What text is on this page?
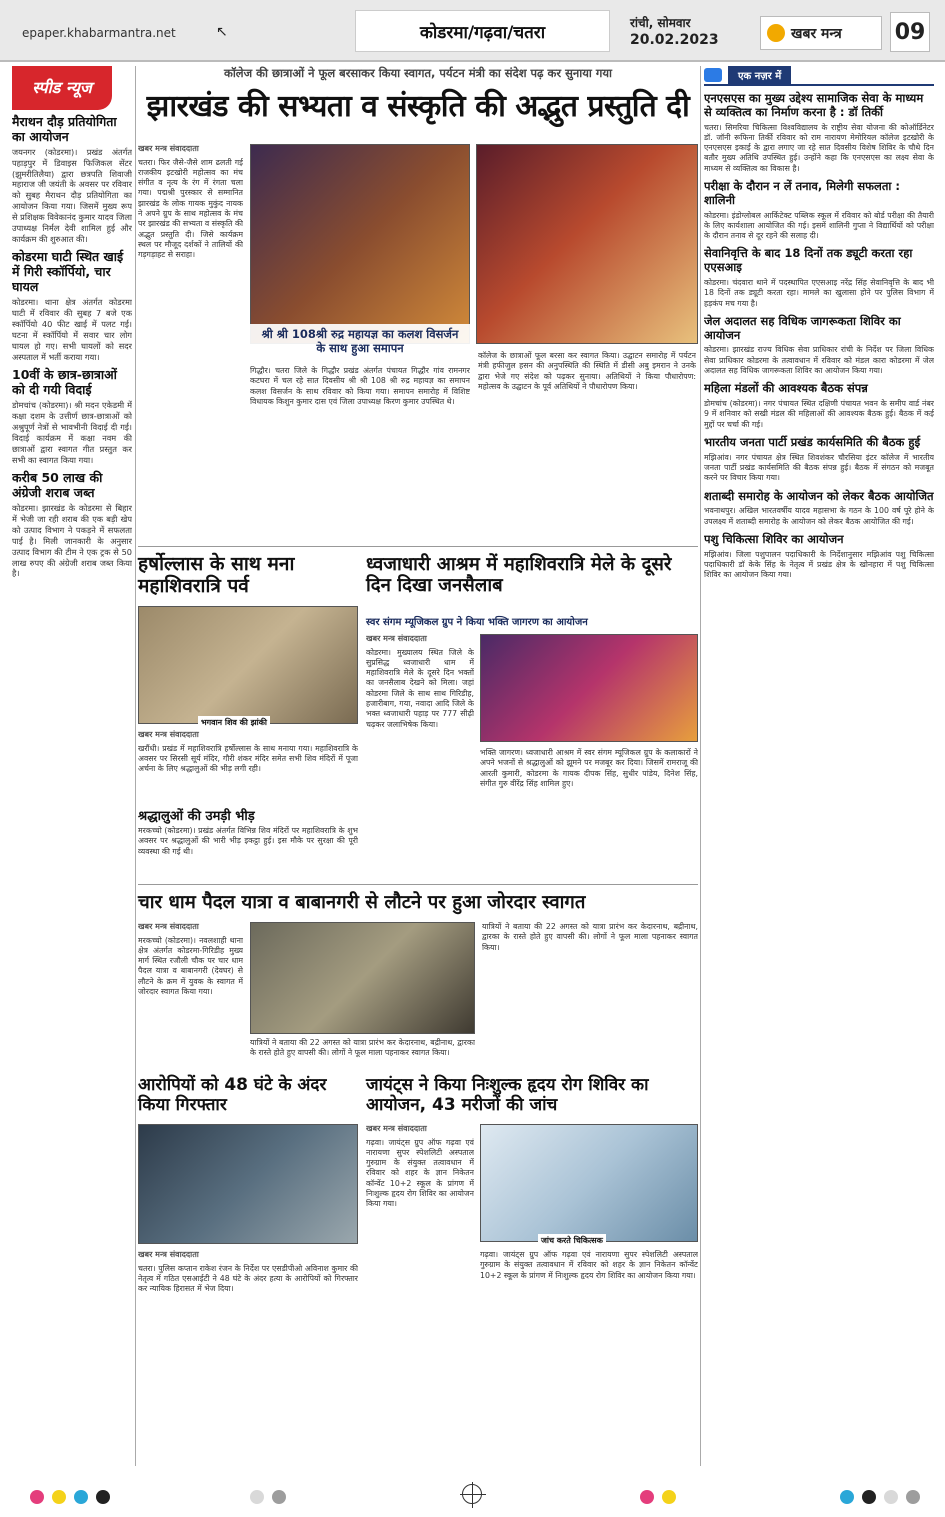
epaper.khabarmantra.net	↖	कोडरमा/गढ़वा/चतरा	रांची, सोमवार
20.02.2023	खबर मन्त्र 09
स्पीड न्यूज
मैराथन दौड़ प्रतियोगिता का आयोजन
जयनगर (कोडरमा)। प्रखंड अंतर्गत पहाड़पुर में डिवाइस फिजिकल सेंटर (झुमरीतिलैया) द्वारा छत्रपति शिवाजी महाराज जी जयंती के अवसर पर रविवार को सुबह मैराथन दौड़ प्रतियोगिता का आयोजन किया गया। जिसमें मुख्य रूप से प्रशिक्षक विवेकानंद कुमार यादव जिला उपाध्यक्ष निर्मल देवी शामिल हुई और कार्यक्रम की शुरुआत की।
कोडरमा घाटी स्थित खाई में गिरी स्कॉर्पियो, चार घायल
कोडरमा। थाना क्षेत्र अंतर्गत कोडरमा घाटी में रविवार की सुबह 7 बजे एक स्कॉर्पियो 40 फीट खाई में पलट गई। घटना में स्कॉर्पियो में सवार चार लोग घायल हो गए। सभी घायलों को सदर अस्पताल में भर्ती कराया गया।
10वीं के छात्र-छात्राओं को दी गयी विदाई
डोमचांच (कोडरमा)। श्री मदन एकेडमी में कक्षा दशम के उत्तीर्ण छात्र-छात्राओं को अश्रुपूर्ण नेत्रों से भावभीनी विदाई दी गई। विदाई कार्यक्रम में कक्षा नवम की छात्राओं द्वारा स्वागत गीत प्रस्तुत कर सभी का स्वागत किया गया।
करीब 50 लाख की अंग्रेजी शराब जब्त
कोडरमा। झारखंड के कोडरमा से बिहार में भेजी जा रही शराब की एक बड़ी खेप को उत्पाद विभाग ने पकड़ने में सफलता पाई है। मिली जानकारी के अनुसार उत्पाद विभाग की टीम ने एक ट्रक से 50 लाख रुपए की अंग्रेजी शराब जब्त किया है।
कॉलेज की छात्राओं ने फूल बरसाकर किया स्वागत, पर्यटन मंत्री का संदेश पढ़ कर सुनाया गया
झारखंड की सभ्यता व संस्कृति की अद्भुत प्रस्तुति दी
खबर मन्त्र संवाददाता
चतरा। फिर जैसे-जैसे शाम ढलती गई राजकीय इटखोरी महोत्सव का मंच संगीत व नृत्य के रंग में रंगता चला गया। पद्मश्री पुरस्कार से सम्मानित झारखंड के लोक गायक मुकुंद नायक ने अपने ग्रुप के साथ महोत्सव के मंच पर झारखंड की सभ्यता व संस्कृति की अद्भुत प्रस्तुति दी। जिसे कार्यक्रम स्थल पर मौजूद दर्शकों ने तालियों की गड़गड़ाहट से सराहा।
श्री श्री 108श्री रुद्र महायज्ञ का कलश विसर्जन के साथ हुआ समापन
गिद्धौर। चतरा जिले के गिद्धौर प्रखंड अंतर्गत पंचायत गिद्धौर गांव रामनगर कटघरा में चल रहे सात दिवसीय श्री श्री 108 श्री रुद्र महायज्ञ का समापन कलश विसर्जन के साथ रविवार को किया गया। समापन समारोह में विशिष्ट विधायक किशुन कुमार दास एवं जिला उपाध्यक्ष किरण कुमार उपस्थित थे।
कॉलेज के छात्राओं फूल बरसा कर स्वागत किया। उद्घाटन समारोह में पर्यटन मंत्री हफीजुल हसन की अनुपस्थिति की स्थिति में डीसी अबु इमरान ने उनके द्वारा भेजे गए संदेश को पढ़कर सुनाया। अतिथियों ने किया पौधारोपण: महोत्सव के उद्घाटन के पूर्व अतिथियों ने पौधारोपण किया।
हर्षोल्लास के साथ मना महाशिवरात्रि पर्व
भगवान शिव की झांकी
खबर मन्त्र संवाददाता
खरौंधी। प्रखंड में महाशिवरात्रि हर्षोल्लास के साथ मनाया गया। महाशिवरात्रि के अवसर पर सिरसी सूर्य मंदिर, गौरी शंकर मंदिर समेत सभी शिव मंदिरों में पूजा अर्चना के लिए श्रद्धालुओं की भीड़ लगी रही।
श्रद्धालुओं की उमड़ी भीड़
मरकच्चो (कोडरमा)। प्रखंड अंतर्गत विभिन्न शिव मंदिरों पर महाशिवरात्रि के शुभ अवसर पर श्रद्धालुओं की भारी भीड़ इकट्ठा हुई। इस मौके पर सुरक्षा की पूरी व्यवस्था की गई थी।
ध्वजाधारी आश्रम में महाशिवरात्रि मेले के दूसरे दिन दिखा जनसैलाब
स्वर संगम म्यूजिकल ग्रुप ने किया भक्ति जागरण का आयोजन
खबर मन्त्र संवाददाता
कोडरमा। मुख्यालय स्थित जिले के सुप्रसिद्ध ध्वजाधारी धाम में महाशिवरात्रि मेले के दूसरे दिन भक्तों का जनसैलाब देखने को मिला। जहां कोडरमा जिले के साथ साथ गिरिडीह, हजारीबाग, गया, नवादा आदि जिले के भक्त ध्वजाधारी पहाड़ पर 777 सीढ़ी चढ़कर जलाभिषेक किया।
भक्ति जागरण। ध्वजाधारी आश्रम में स्वर संगम म्यूजिकल ग्रुप के कलाकारों ने अपने भजनों से श्रद्धालुओं को झूमने पर मजबूर कर दिया। जिसमें रामराजू की आरती कुमारी, कोडरमा के गायक दीपक सिंह, सुधीर पांडेय, दिनेश सिंह, संगीत गुरु वीरेंद्र सिंह शामिल हुए।
चार धाम पैदल यात्रा व बाबानगरी से लौटने पर हुआ जोरदार स्वागत
खबर मन्त्र संवाददाता
मरकच्चो (कोडरमा)। नवलशाही थाना क्षेत्र अंतर्गत कोडरमा-गिरिडीह मुख्य मार्ग स्थित रजौली चौक पर चार धाम पैदल यात्रा व बाबानगरी (देवघर) से लौटने के क्रम में युवक के स्वागत में जोरदार स्वागत किया गया।
यात्रियों ने बताया की 22 अगस्त को यात्रा प्रारंभ कर केदारनाथ, बद्रीनाथ, द्वारका के रास्ते होते हुए वापसी की। लोगों ने फूल माला पहनाकर स्वागत किया।
यात्रियों ने बताया की 22 अगस्त को यात्रा प्रारंभ कर केदारनाथ, बद्रीनाथ, द्वारका के रास्ते होते हुए वापसी की। लोगों ने फूल माला पहनाकर स्वागत किया।
आरोपियों को 48 घंटे के अंदर किया गिरफ्तार
खबर मन्त्र संवाददाता
चतरा। पुलिस कप्तान राकेश रंजन के निर्देश पर एसडीपीओ अविनाश कुमार की नेतृत्व में गठित एसआईटी ने 48 घंटे के अंदर हत्या के आरोपियों को गिरफ्तार कर न्यायिक हिरासत में भेज दिया।
जायंट्स ने किया निःशुल्क हृदय रोग शिविर का आयोजन, 43 मरीजों की जांच
खबर मन्त्र संवाददाता
गढ़वा। जायंट्स ग्रुप ऑफ गढ़वा एवं नारायणा सुपर स्पेशलिटी अस्पताल गुरुग्राम के संयुक्त तत्वावधान में रविवार को शहर के ज्ञान निकेतन कॉन्वेंट 10+2 स्कूल के प्रांगण में निःशुल्क हृदय रोग शिविर का आयोजन किया गया।
जांच करते चिकित्सक
गढ़वा। जायंट्स ग्रुप ऑफ गढ़वा एवं नारायणा सुपर स्पेशलिटी अस्पताल गुरुग्राम के संयुक्त तत्वावधान में रविवार को शहर के ज्ञान निकेतन कॉन्वेंट 10+2 स्कूल के प्रांगण में निःशुल्क हृदय रोग शिविर का आयोजन किया गया।
एक नज़र में
एनएसएस का मुख्य उद्देश्य सामाजिक सेवा के माध्यम से व्यक्तित्व का निर्माण करना है : डॉ तिर्की
चतरा। सिमरिया चिकित्सा विश्वविद्यालय के राष्ट्रीय सेवा योजना की कोऑर्डिनेटर डॉ. जॉनी रूफिना तिर्की रविवार को राम नारायण मेमोरियल कॉलेज इटखोरी के एनएसएस इकाई के द्वारा लगाए जा रहे सात दिवसीय विशेष शिविर के चौथे दिन बतौर मुख्य अतिथि उपस्थित हुई। उन्होंने कहा कि एनएसएस का लक्ष्य सेवा के माध्यम से व्यक्तित्व का विकास है।
परीक्षा के दौरान न लें तनाव, मिलेगी सफलता : शालिनी
कोडरमा। इंडोग्लोबल आर्किटेक्ट पब्लिक स्कूल में रविवार को बोर्ड परीक्षा की तैयारी के लिए कार्यशाला आयोजित की गई। इसमें शालिनी गुप्ता ने विद्यार्थियों को परीक्षा के दौरान तनाव से दूर रहने की सलाह दी।
सेवानिवृत्ति के बाद 18 दिनों तक ड्यूटी करता रहा एएसआइ
कोडरमा। चंदवारा थाने में पदस्थापित एएसआइ नरेंद्र सिंह सेवानिवृत्ति के बाद भी 18 दिनों तक ड्यूटी करता रहा। मामले का खुलासा होने पर पुलिस विभाग में हड़कंप मच गया है।
जेल अदालत सह विधिक जागरूकता शिविर का आयोजन
कोडरमा। झारखंड राज्य विधिक सेवा प्राधिकार रांची के निर्देश पर जिला विधिक सेवा प्राधिकार कोडरमा के तत्वावधान में रविवार को मंडल कारा कोडरमा में जेल अदालत सह विधिक जागरूकता शिविर का आयोजन किया गया।
महिला मंडलों की आवश्यक बैठक संपन्न
डोमचांच (कोडरमा)। नगर पंचायत स्थित दक्षिणी पंचायत भवन के समीप वार्ड नंबर 9 में शनिवार को सखी मंडल की महिलाओं की आवश्यक बैठक हुई। बैठक में कई मुद्दों पर चर्चा की गई।
भारतीय जनता पार्टी प्रखंड कार्यसमिति की बैठक हुई
मझिआंव। नगर पंचायत क्षेत्र स्थित शिवशंकर चौरसिया इंटर कॉलेज में भारतीय जनता पार्टी प्रखंड कार्यसमिति की बैठक संपन्न हुई। बैठक में संगठन को मजबूत करने पर विचार किया गया।
शताब्दी समारोह के आयोजन को लेकर बैठक आयोजित
भवनाथपुर। अखिल भारतवर्षीय यादव महासभा के गठन के 100 वर्ष पूरे होने के उपलक्ष्य में शताब्दी समारोह के आयोजन को लेकर बैठक आयोजित की गई।
पशु चिकित्सा शिविर का आयोजन
मझिआंव। जिला पशुपालन पदाधिकारी के निर्देशानुसार मझिआंव पशु चिकित्सा पदाधिकारी डॉ केके सिंह के नेतृत्व में प्रखंड क्षेत्र के खोनहारा में पशु चिकित्सा शिविर का आयोजन किया गया।
